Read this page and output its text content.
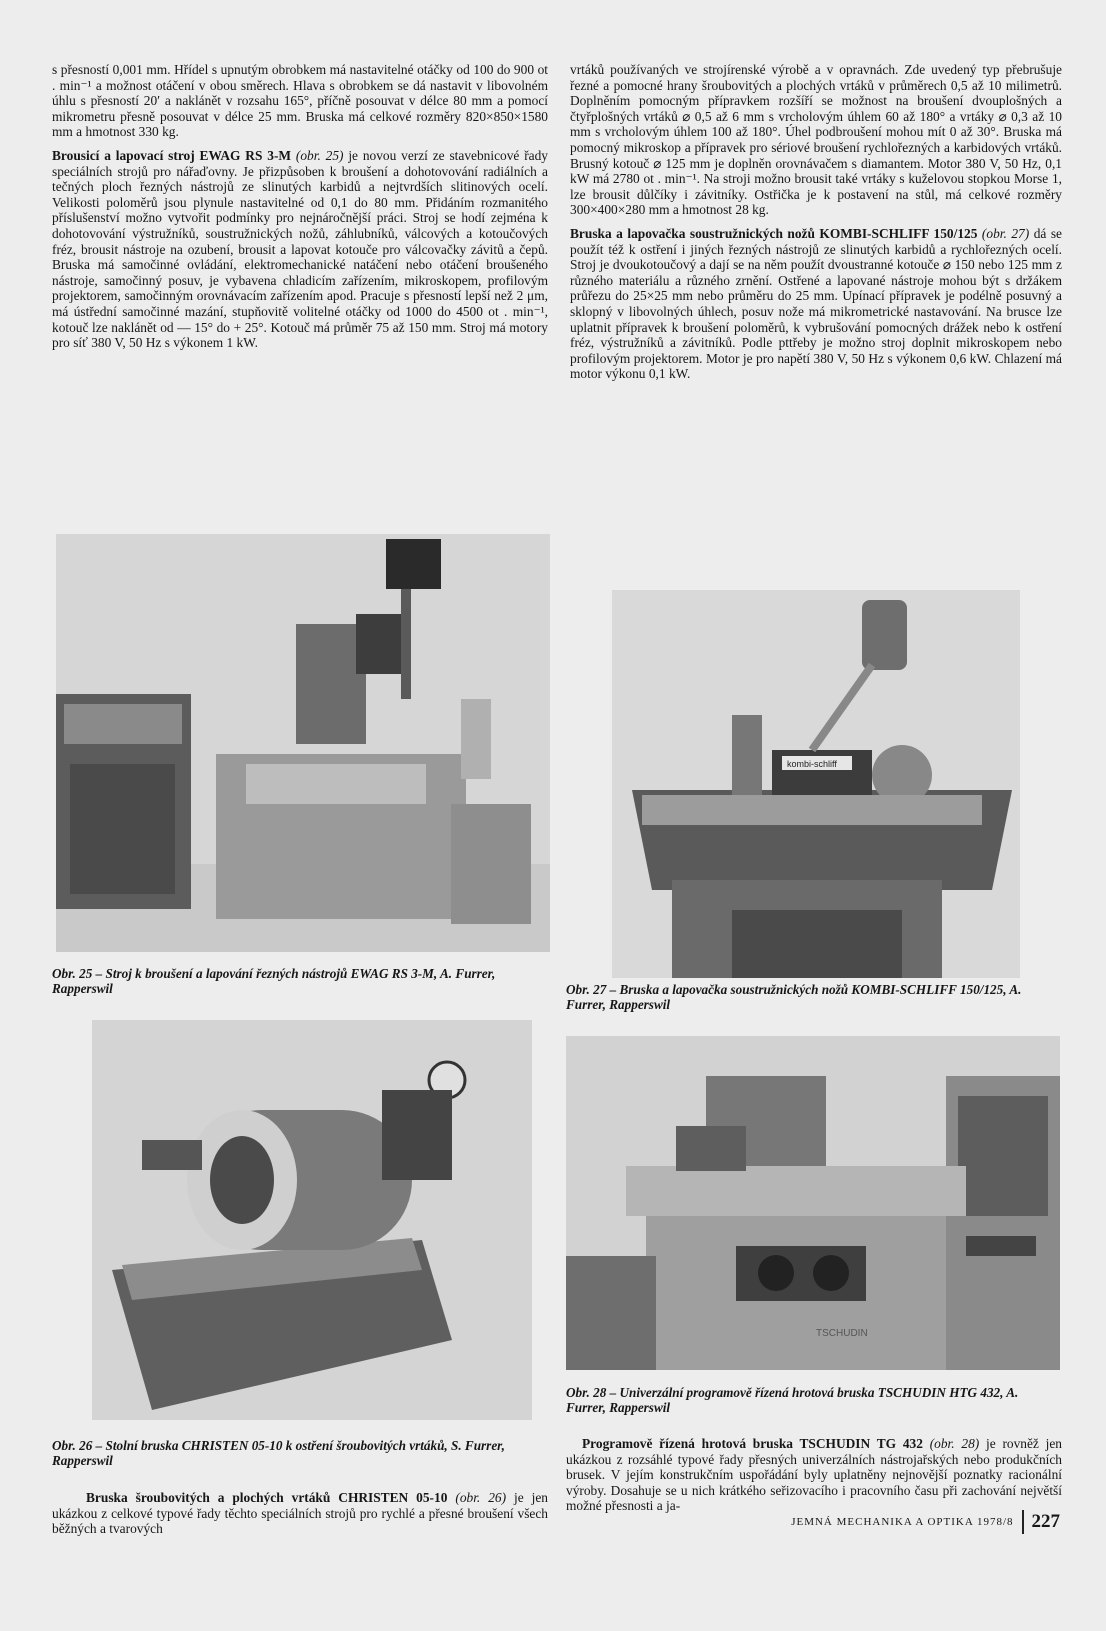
s přesností 0,001 mm. Hřídel s upnutým obrobkem má nastavitelné otáčky od 100 do 900 ot . min⁻¹ a možnost otáčení v obou směrech. Hlava s obrobkem se dá nastavit v libovolném úhlu s přesností 20′ a naklánět v rozsahu 165°, příčně posouvat v délce 80 mm a pomocí mikrometru přesně posouvat v délce 25 mm. Bruska má celkové rozměry 820×850×1580 mm a hmotnost 330 kg.

Brousicí a lapovací stroj EWAG RS 3-M (obr. 25) je novou verzí ze stavebnicové řady speciálních strojů pro nářaďovny. Je přizpůsoben k broušení a dohotovování radiálních a tečných ploch řezných nástrojů ze slinutých karbidů a nejtvrdších slitinových ocelí. Velikosti poloměrů jsou plynule nastavitelné od 0,1 do 80 mm. Přidáním rozmanitého příslušenství možno vytvořit podmínky pro nejnáročnější práci. Stroj se hodí zejména k dohotovování výstružníků, soustružnických nožů, záhlubníků, válcových a kotoučových fréz, brousit nástroje na ozubení, brousit a lapovat kotouče pro válcovačky závitů a čepů. Bruska má samočinné ovládání, elektromechanické natáčení nebo otáčení broušeného nástroje, samočinný posuv, je vybavena chladicím zařízením, mikroskopem, profilovým projektorem, samočinným orovnávacím zařízením apod. Pracuje s přesností lepší než 2 μm, má ústřední samočinné mazání, stupňovitě volitelné otáčky od 1000 do 4500 ot . min⁻¹, kotouč lze naklánět od — 15° do + 25°. Kotouč má průměr 75 až 150 mm. Stroj má motory pro síť 380 V, 50 Hz s výkonem 1 kW.

vrtáků používaných ve strojírenské výrobě a v opravnách. Zde uvedený typ přebrušuje řezné a pomocné hrany šroubovitých a plochých vrtáků v průměrech 0,5 až 10 milimetrů. Doplněním pomocným přípravkem rozšíří se možnost na broušení dvouplošných a čtyřplošných vrtáků ⌀ 0,5 až 6 mm s vrcholovým úhlem 60 až 180° a vrtáky ⌀ 0,3 až 10 mm s vrcholovým úhlem 100 až 180°. Úhel podbroušení mohou mít 0 až 30°. Bruska má pomocný mikroskop a přípravek pro sériové broušení rychlořezných a karbidových vrtáků. Brusný kotouč ⌀ 125 mm je doplněn orovnávačem s diamantem. Motor 380 V, 50 Hz, 0,1 kW má 2780 ot . min⁻¹. Na stroji možno brousit také vrtáky s kuželovou stopkou Morse 1, lze brousit důlčíky i závitníky. Ostřička je k postavení na stůl, má celkové rozměry 300×400×280 mm a hmotnost 28 kg.

Bruska a lapovačka soustružnických nožů KOMBI-SCHLIFF 150/125 (obr. 27) dá se použít též k ostření i jiných řezných nástrojů ze slinutých karbidů a rychlořezných ocelí. Stroj je dvoukotoučový a dají se na něm použít dvoustranné kotouče ⌀ 150 nebo 125 mm z různého materiálu a různého zrnění. Ostřené a lapované nástroje mohou být s držákem průřezu do 25×25 mm nebo průměru do 25 mm. Upínací přípravek je podélně posuvný a sklopný v libovolných úhlech, posuv nože má mikrometrické nastavování. Na brusce lze uplatnit přípravek k broušení poloměrů, k vybrušování pomocných drážek nebo k ostření fréz, výstružníků a závitníků. Podle pttřeby je možno stroj doplnit mikroskopem nebo profilovým projektorem. Motor je pro napětí 380 V, 50 Hz s výkonem 0,6 kW. Chlazení má motor výkonu 0,1 kW.

Obr. 25 – Stroj k broušení a lapování řezných nástrojů EWAG RS 3-M, A. Furrer, Rapperswil
Obr. 26 – Stolní bruska CHRISTEN 05-10 k ostření šroubovitých vrtáků, S. Furrer, Rapperswil

Bruska šroubovitých a plochých vrtáků CHRISTEN 05-10 (obr. 26) je jen ukázkou z celkové typové řady těchto speciálních strojů pro rychlé a přesné broušení všech běžných a tvarových

kombi-schliff
Obr. 27 – Bruska a lapovačka soustružnických nožů KOMBI-SCHLIFF 150/125, A. Furrer, Rapperswil
TSCHUDIN
Obr. 28 – Univerzální programově řízená hrotová bruska TSCHUDIN HTG 432, A. Furrer, Rapperswil

Programově řízená hrotová bruska TSCHUDIN TG 432 (obr. 28) je rovněž jen ukázkou z rozsáhlé typové řady přesných univerzálních nástrojařských nebo produkčních brusek. V jejím konstrukčním uspořádání byly uplatněny nejnovější poznatky racionální výroby. Dosahuje se u nich krátkého seřizovacího i pracovního času při zachování největší možné přesnosti a ja-

JEMNÁ MECHANIKA A OPTIKA 1978/8 227
